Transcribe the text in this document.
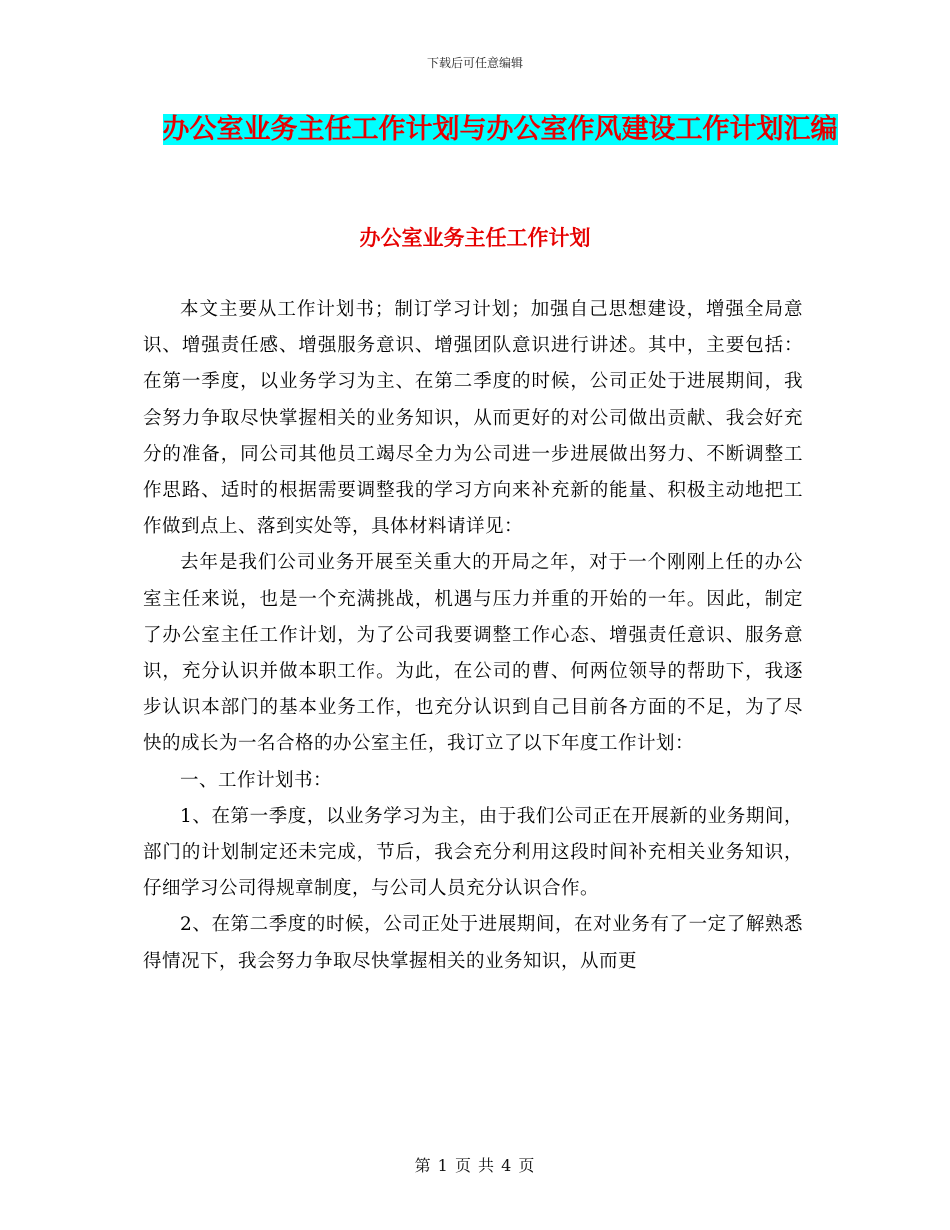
下载后可任意编辑
办公室业务主任工作计划与办公室作风建设工作计划汇编
办公室业务主任工作计划

本文主要从工作计划书；制订学习计划；加强自己思想建设，增强全局意识、增强责任感、增强服务意识、增强团队意识进行讲述。其中，主要包括：在第一季度，以业务学习为主、在第二季度的时候，公司正处于进展期间，我会努力争取尽快掌握相关的业务知识，从而更好的对公司做出贡献、我会好充分的准备，同公司其他员工竭尽全力为公司进一步进展做出努力、不断调整工作思路、适时的根据需要调整我的学习方向来补充新的能量、积极主动地把工作做到点上、落到实处等，具体材料请详见：

去年是我们公司业务开展至关重大的开局之年，对于一个刚刚上任的办公室主任来说，也是一个充满挑战，机遇与压力并重的开始的一年。因此，制定了办公室主任工作计划，为了公司我要调整工作心态、增强责任意识、服务意识，充分认识并做本职工作。为此，在公司的曹、何两位领导的帮助下，我逐步认识本部门的基本业务工作，也充分认识到自己目前各方面的不足，为了尽快的成长为一名合格的办公室主任，我订立了以下年度工作计划：

一、工作计划书：

1、在第一季度，以业务学习为主，由于我们公司正在开展新的业务期间，部门的计划制定还未完成，节后，我会充分利用这段时间补充相关业务知识，仔细学习公司得规章制度，与公司人员充分认识合作。

2、在第二季度的时候，公司正处于进展期间，在对业务有了一定了解熟悉得情况下，我会努力争取尽快掌握相关的业务知识，从而更

第 1 页 共 4 页
